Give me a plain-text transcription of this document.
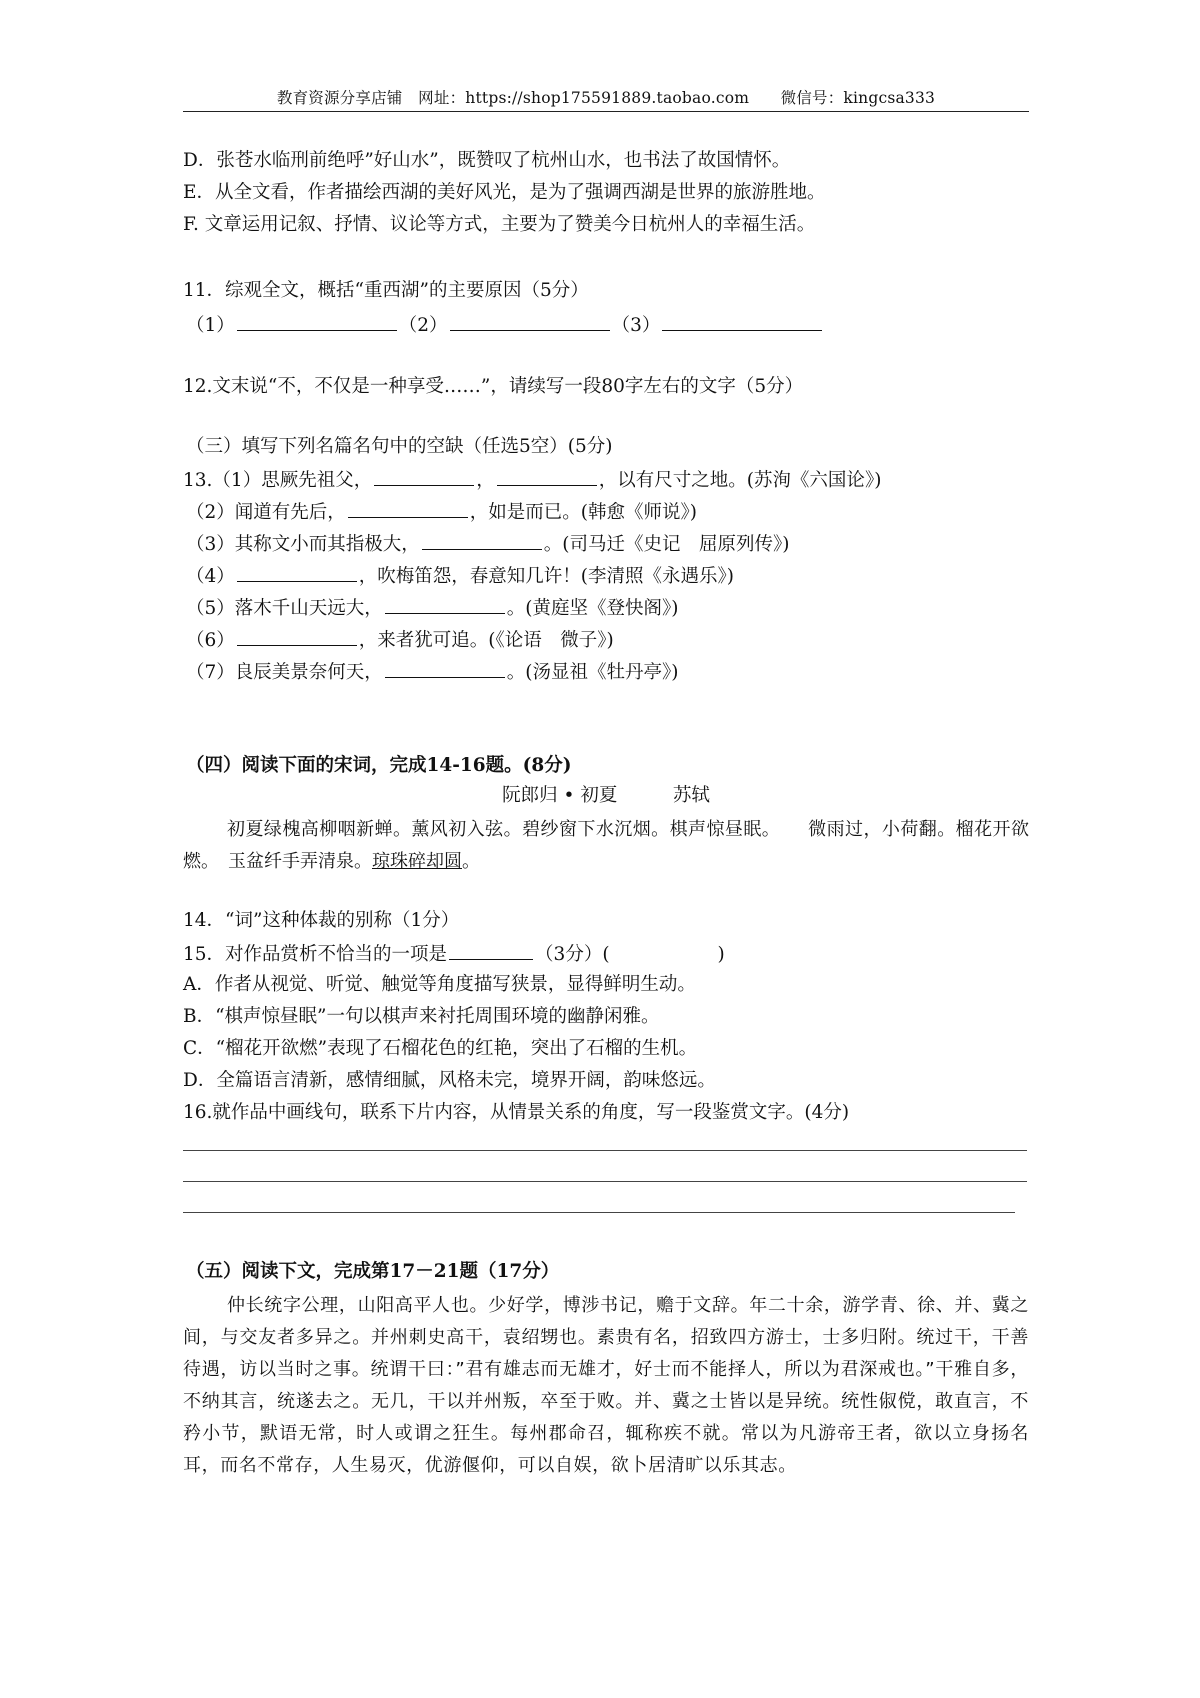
教育资源分享店铺　网址：https://shop175591889.taobao.com　　微信号：kingcsa333
D．张苍水临刑前绝呼”好山水”，既赞叹了杭州山水，也书法了故国情怀。
E．从全文看，作者描绘西湖的美好风光，是为了强调西湖是世界的旅游胜地。
F. 文章运用记叙、抒情、议论等方式，主要为了赞美今日杭州人的幸福生活。
11．综观全文，概括“重西湖”的主要原因（5分）
（1）	（2）	（3）
12.文末说“不，不仅是一种享受……”，请续写一段80字左右的文字（5分）
（三）填写下列名篇名句中的空缺（任选5空）(5分)
13.（1）思厥先祖父，	，	，以有尺寸之地。(苏洵《六国论》)
（2）闻道有先后，	，如是而已。(韩愈《师说》)
（3）其称文小而其指极大，	。(司马迁《史记　屈原列传》)
（4）	，吹梅笛怨，春意知几许！(李清照《永遇乐》)
（5）落木千山天远大，	。(黄庭坚《登快阁》)
（6）	，来者犹可追。(《论语　微子》)
（7）良辰美景奈何天，	。(汤显祖《牡丹亭》)
（四）阅读下面的宋词，完成14-16题。(8分)
阮郎归 • 初夏　　　苏轼
初夏绿槐高柳咽新蝉。薰风初入弦。碧纱窗下水沉烟。棋声惊昼眠。　　微雨过，小荷翻。榴花开欲燃。　玉盆纤手弄清泉。琼珠碎却圆。
14．“词”这种体裁的别称（1分）
15．对作品赏析不恰当的一项是	（3分）(	)
A．作者从视觉、听觉、触觉等角度描写狭景，显得鲜明生动。
B．“棋声惊昼眠”一句以棋声来衬托周围环境的幽静闲雅。
C．“榴花开欲燃”表现了石榴花色的红艳，突出了石榴的生机。
D．全篇语言清新，感情细腻，风格未完，境界开阔，韵味悠远。
16.就作品中画线句，联系下片内容，从情景关系的角度，写一段鉴赏文字。(4分)
（五）阅读下文，完成第17－21题（17分）
仲长统字公理，山阳高平人也。少好学，博涉书记，赡于文辞。年二十余，游学青、徐、并、冀之间，与交友者多异之。并州刺史高干，袁绍甥也。素贵有名，招致四方游士，士多归附。统过干，干善待遇，访以当时之事。统谓干曰：”君有雄志而无雄才，好士而不能择人，所以为君深戒也。”干雅自多，不纳其言，统遂去之。无几，干以并州叛，卒至于败。并、冀之士皆以是异统。统性俶傥，敢直言，不矜小节，默语无常，时人或谓之狂生。每州郡命召，辄称疾不就。常以为凡游帝王者，欲以立身扬名耳，而名不常存，人生易灭，优游偃仰，可以自娱，欲卜居清旷以乐其志。
